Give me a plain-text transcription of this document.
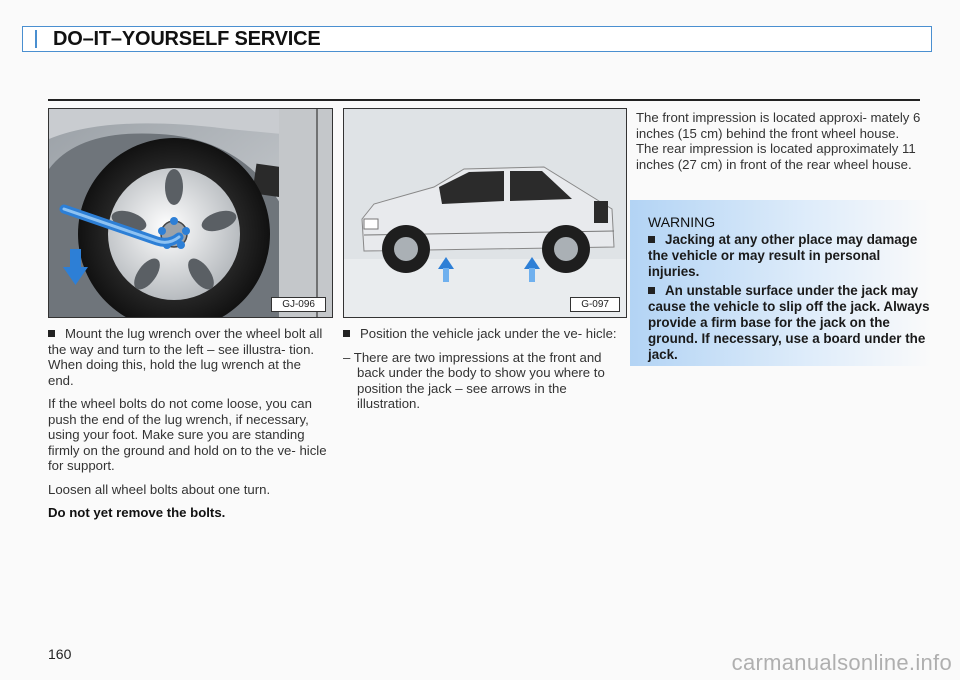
DO–IT–YOURSELF SERVICE
GJ-096	G-097

Mount the lug wrench over the wheel bolt all the way and turn to the left – see illustra- tion. When doing this, hold the lug wrench at the end.

If the wheel bolts do not come loose, you can push the end of the lug wrench, if necessary, using your foot. Make sure you are standing firmly on the ground and hold on to the ve- hicle for support.

Loosen all wheel bolts about one turn.

Do not yet remove the bolts.

Position the vehicle jack under the ve- hicle:

– There are two impressions at the front and back under the body to show you where to position the jack – see arrows in the illustration.

The front impression is located approxi- mately 6 inches (15 cm) behind the front wheel house. The rear impression is located approximately 11 inches (27 cm) in front of the rear wheel house.

WARNING

Jacking at any other place may damage the vehicle or may result in personal injuries.

An unstable surface under the jack may cause the vehicle to slip off the jack. Always provide a firm base for the jack on the ground. If necessary, use a board under the jack.

160	carmanualsonline.info
